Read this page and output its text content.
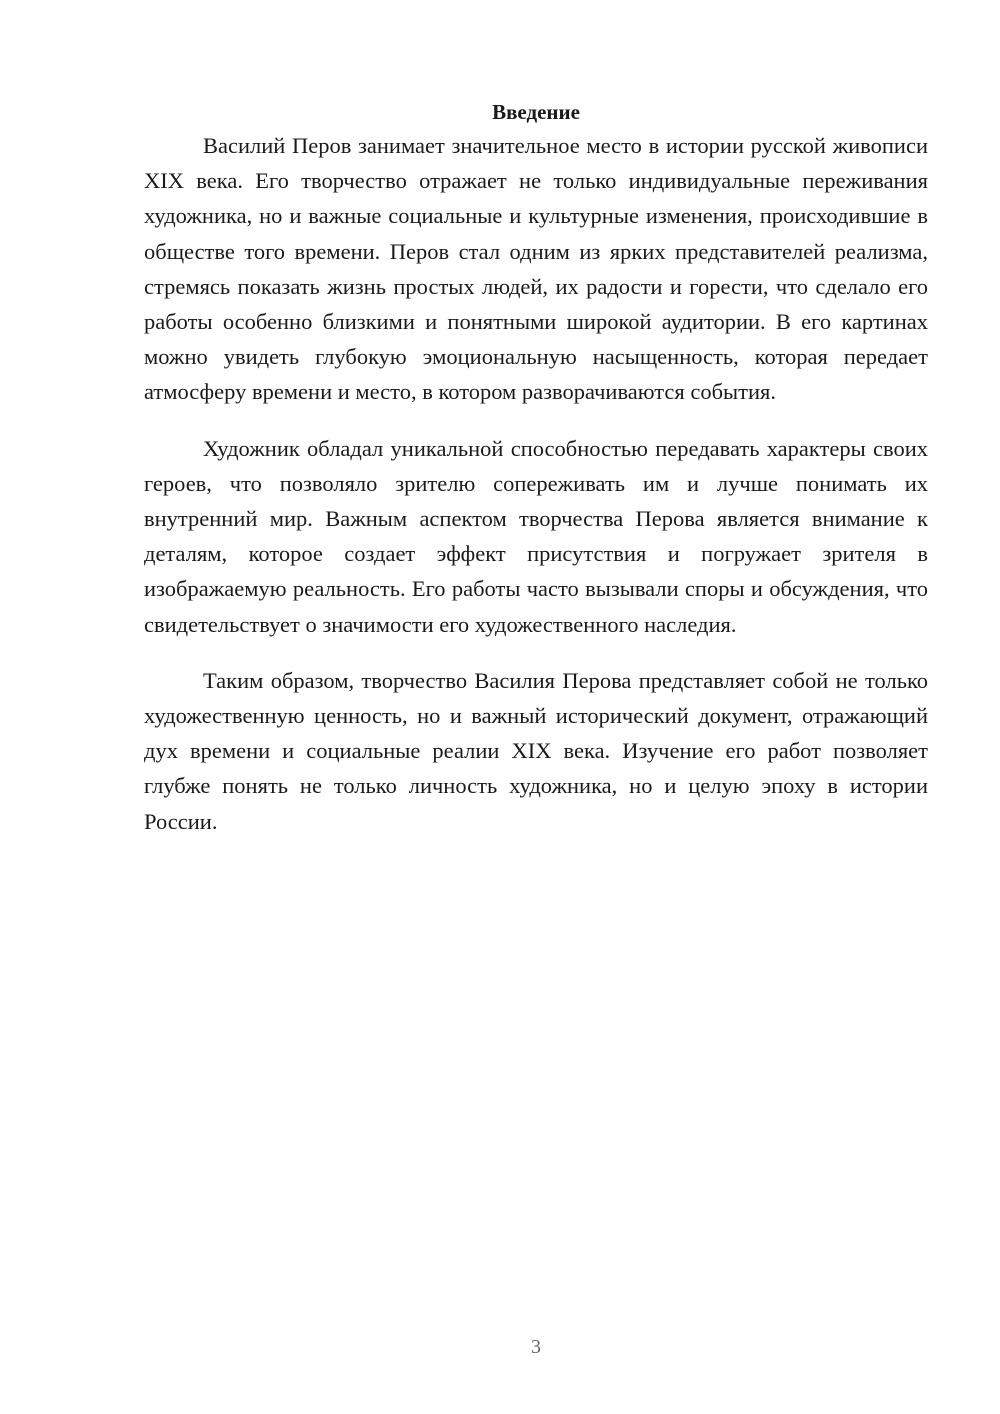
Введение

Василий Перов занимает значительное место в истории русской живописи XIX века. Его творчество отражает не только индивидуальные переживания художника, но и важные социальные и культурные изменения, происходившие в обществе того времени. Перов стал одним из ярких представителей реализма, стремясь показать жизнь простых людей, их радости и горести, что сделало его работы особенно близкими и понятными широкой аудитории. В его картинах можно увидеть глубокую эмоциональную насыщенность, которая передает атмосферу времени и место, в котором разворачиваются события.

Художник обладал уникальной способностью передавать характеры своих героев, что позволяло зрителю сопереживать им и лучше понимать их внутренний мир. Важным аспектом творчества Перова является внимание к деталям, которое создает эффект присутствия и погружает зрителя в изображаемую реальность. Его работы часто вызывали споры и обсуждения, что свидетельствует о значимости его художественного наследия.

Таким образом, творчество Василия Перова представляет собой не только художественную ценность, но и важный исторический документ, отражающий дух времени и социальные реалии XIX века. Изучение его работ позволяет глубже понять не только личность художника, но и целую эпоху в истории России.

3
